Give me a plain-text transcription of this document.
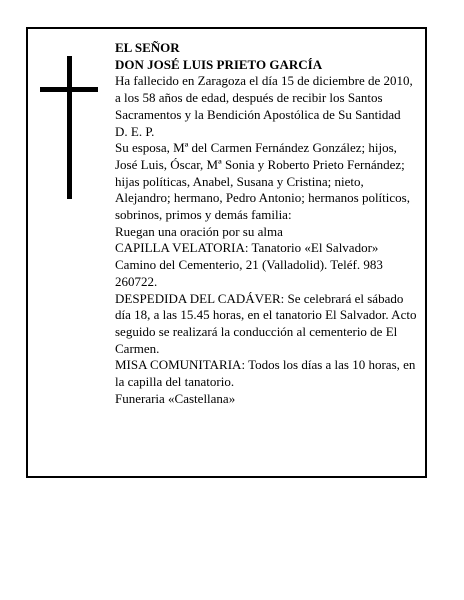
EL SEÑOR

DON JOSÉ LUIS PRIETO GARCÍA

Ha fallecido en Zaragoza el día 15 de diciembre de 2010, a los 58 años de edad, después de recibir los Santos Sacramentos y la Bendición Apostólica de Su Santidad

D. E. P.

Su esposa, Mª del Carmen Fernández González; hijos, José Luis, Óscar, Mª Sonia y Roberto Prieto Fernández; hijas políticas, Anabel, Susana y Cristina; nieto, Alejandro; hermano, Pedro Antonio; hermanos políticos, sobrinos, primos y demás familia:

Ruegan una oración por su alma

CAPILLA VELATORIA: Tanatorio «El Salvador» Camino del Cementerio, 21 (Valladolid). Teléf. 983 260722.

DESPEDIDA DEL CADÁVER: Se celebrará el sábado día 18, a las 15.45 horas, en el tanatorio El Salvador. Acto seguido se realizará la conducción al cementerio de El Carmen.

MISA COMUNITARIA: Todos los días a las 10 horas, en la capilla del tanatorio.

Funeraria «Castellana»
